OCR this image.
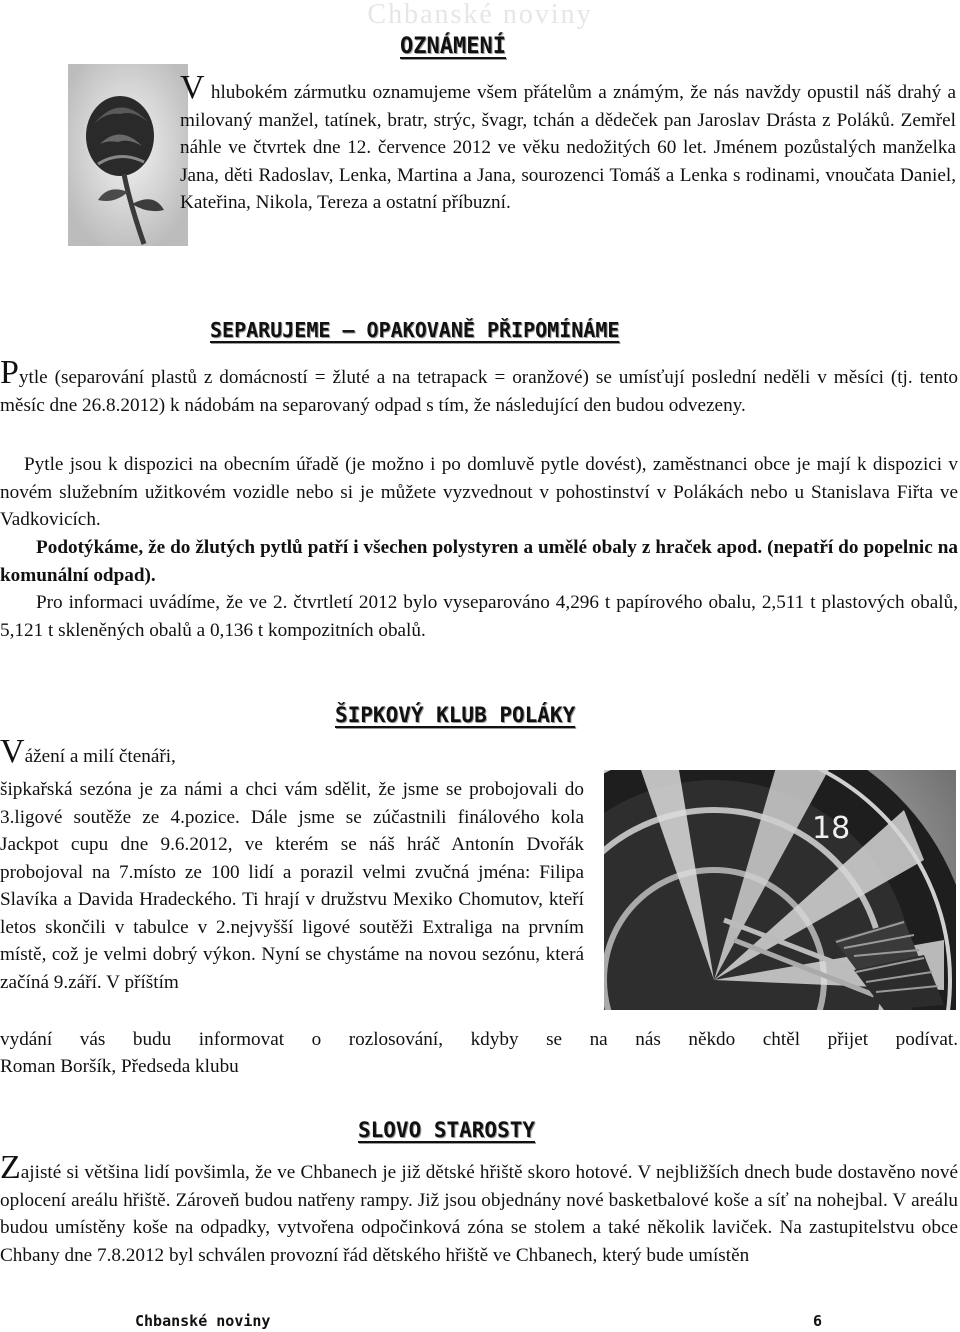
Chbanské noviny
OZNÁMENÍ

V hlubokém zármutku oznamujeme všem přátelům a známým, že nás navždy opustil náš drahý a milovaný manžel, tatínek, bratr, strýc, švagr, tchán a dědeček pan Jaroslav Drásta z Poláků. Zemřel náhle ve čtvrtek dne 12. července 2012 ve věku nedožitých 60 let. Jménem pozůstalých manželka Jana, děti Radoslav, Lenka, Martina a Jana, sourozenci Tomáš a Lenka s rodinami, vnoučata Daniel, Kateřina, Nikola, Tereza a ostatní příbuzní.

SEPARUJEME – OPAKOVANĚ PŘIPOMÍNÁME

Pytle (separování plastů z domácností = žluté a na tetrapack = oranžové) se umísťují poslední neděli v měsíci (tj. tento měsíc dne 26.8.2012) k nádobám na separovaný odpad s tím, že následující den budou odvezeny.

Pytle jsou k dispozici na obecním úřadě (je možno i po domluvě pytle dovést), zaměstnanci obce je mají k dispozici v novém služebním užitkovém vozidle nebo si je můžete vyzvednout v pohostinství v Polákách nebo u Stanislava Fiřta ve Vadkovicích.

Podotýkáme, že do žlutých pytlů patří i všechen polystyren a umělé obaly z hraček apod. (nepatří do popelnic na komunální odpad).

Pro informaci uvádíme, že ve 2. čtvrtletí 2012 bylo vyseparováno 4,296 t papírového obalu, 2,511 t plastových obalů, 5,121 t skleněných obalů a 0,136 t kompozitních obalů.

ŠIPKOVÝ KLUB POLÁKY

Vážení a milí čtenáři,

šipkařská sezóna je za námi a chci vám sdělit, že jsme se probojovali do 3.ligové soutěže ze 4.pozice. Dále jsme se zúčastnili finálového kola Jackpot cupu dne 9.6.2012, ve kterém se náš hráč Antonín Dvořák probojoval na 7.místo ze 100 lidí a porazil velmi zvučná jména: Filipa Slavíka a Davida Hradeckého. Ti hrají v družstvu Mexiko Chomutov, kteří letos skončili v tabulce v 2.nejvyšší ligové soutěži Extraliga na prvním místě, což je velmi dobrý výkon. Nyní se chystáme na novou sezónu, která začíná 9.září. V příštím

18

vydání vás budu informovat o rozlosování, kdyby se na nás někdo chtěl přijet podívat.

Roman Boršík, Předseda klubu

SLOVO STAROSTY

Zajisté si většina lidí povšimla, že ve Chbanech je již dětské hřiště skoro hotové. V nejbližších dnech bude dostavěno nové oplocení areálu hřiště. Zároveň budou natřeny rampy. Již jsou objednány nové basketbalové koše a síť na nohejbal. V areálu budou umístěny koše na odpadky, vytvořena odpočinková zóna se stolem a také několik laviček. Na zastupitelstvu obce Chbany dne 7.8.2012 byl schválen provozní řád dětského hřiště ve Chbanech, který bude umístěn

Chbanské noviny	6
